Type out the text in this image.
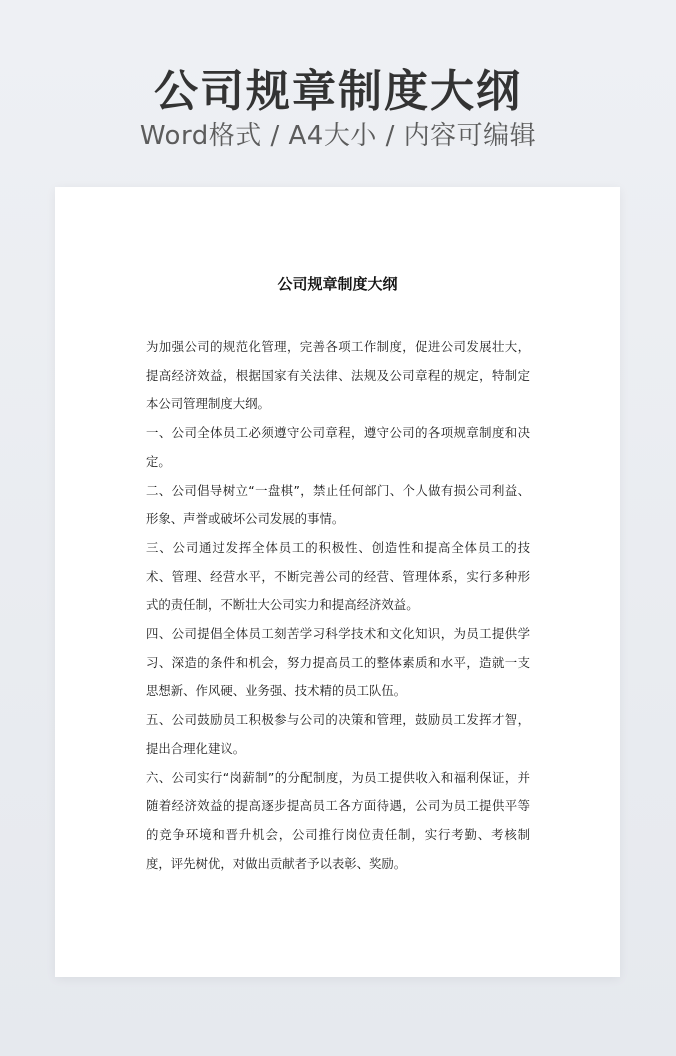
公司规章制度大纲
Word格式 / A4大小 / 内容可编辑
公司规章制度大纲

为加强公司的规范化管理，完善各项工作制度，促进公司发展壮大，提高经济效益，根据国家有关法律、法规及公司章程的规定，特制定本公司管理制度大纲。

一、公司全体员工必须遵守公司章程，遵守公司的各项规章制度和决定。

二、公司倡导树立“一盘棋”，禁止任何部门、个人做有损公司利益、形象、声誉或破坏公司发展的事情。

三、公司通过发挥全体员工的积极性、创造性和提高全体员工的技术、管理、经营水平，不断完善公司的经营、管理体系，实行多种形式的责任制，不断壮大公司实力和提高经济效益。

四、公司提倡全体员工刻苦学习科学技术和文化知识，为员工提供学习、深造的条件和机会，努力提高员工的整体素质和水平，造就一支思想新、作风硬、业务强、技术精的员工队伍。

五、公司鼓励员工积极参与公司的决策和管理，鼓励员工发挥才智，提出合理化建议。

六、公司实行“岗薪制”的分配制度，为员工提供收入和福利保证，并随着经济效益的提高逐步提高员工各方面待遇，公司为员工提供平等的竞争环境和晋升机会，公司推行岗位责任制，实行考勤、考核制度，评先树优，对做出贡献者予以表彰、奖励。
